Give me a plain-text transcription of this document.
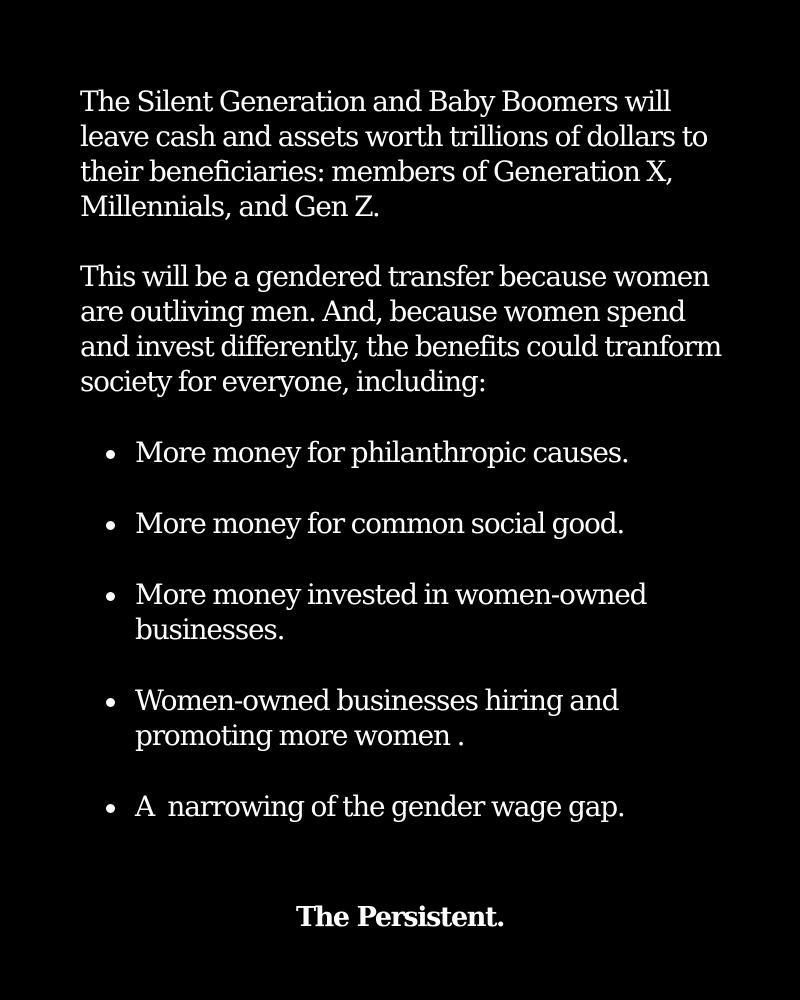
The Silent Generation and Baby Boomers will leave cash and assets worth trillions of dollars to their beneficiaries: members of Generation X, Millennials, and Gen Z.

This will be a gendered transfer because women are outliving men. And, because women spend and invest differently, the benefits could tranform society for everyone, including:

More money for philanthropic causes.
More money for common social good.
More money invested in women-owned businesses.
Women-owned businesses hiring and promoting more women .
A  narrowing of the gender wage gap.
The Persistent.
